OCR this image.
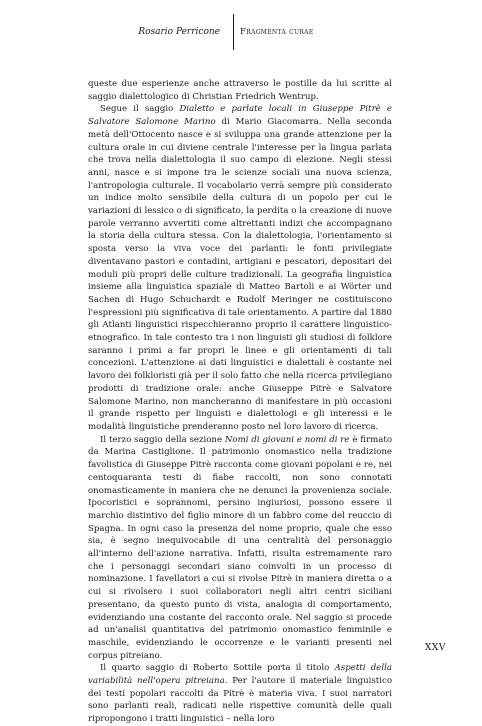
Rosario Perricone Fragmenta curae

queste due esperienze anche attraverso le postille da lui scritte al saggio dialettologico di Christian Friedrich Wentrup.

Segue il saggio Dialetto e parlate locali in Giuseppe Pitrè e Salvatore Salomone Marino di Mario Giacomarra. Nella seconda metà dell'Ottocento nasce e si sviluppa una grande attenzione per la cultura orale in cui diviene centrale l'interesse per la lingua parlata che trova nella dialettologia il suo campo di elezione. Negli stessi anni, nasce e si impone tra le scienze sociali una nuova scienza, l'antropologia culturale. Il vocabolario verrà sempre più considerato un indice molto sensibile della cultura di un popolo per cui le variazioni di lessico o di significato, la perdita o la creazione di nuove parole verranno avvertiti come altrettanti indizi che accompagnano la storia della cultura stessa. Con la dialettologia, l'orientamento si sposta verso la viva voce dei parlanti: le fonti privilegiate diventavano pastori e contadini, artigiani e pescatori, depositari dei moduli più propri delle culture tradizionali. La geografia linguistica insieme alla linguistica spaziale di Matteo Bartoli e ai Wörter und Sachen di Hugo Schuchardt e Rudolf Meringer ne costituiscono l'espressioni più significativa di tale orientamento. A partire dal 1880 gli Atlanti linguistici rispecchieranno proprio il carattere linguistico-etnografico. In tale contesto tra i non linguisti gli studiosi di folklore saranno i primi a far propri le linee e gli orientamenti di tali concezioni. L'attenzione ai dati linguistici e dialettali è costante nel lavoro dei folkloristi già per il solo fatto che nella ricerca privilegiano prodotti di tradizione orale: anche Giuseppe Pitrè e Salvatore Salomone Marino, non mancheranno di manifestare in più occasioni il grande rispetto per linguisti e dialettologi e gli interessi e le modalità linguistiche prenderanno posto nel loro lavoro di ricerca.

Il terzo saggio della sezione Nomi di giovani e nomi di re è firmato da Marina Castiglione. Il patrimonio onomastico nella tradizione favolistica di Giuseppe Pitrè racconta come giovani popolani e re, nei centoquaranta testi di fiabe raccolti, non sono connotati onomasticamente in maniera che ne denunci la provenienza sociale. Ipocoristici e soprannomi, persino ingiuriosi, possono essere il marchio distintivo del figlio minore di un fabbro come del reuccio di Spagna. In ogni caso la presenza del nome proprio, quale che esso sia, è segno inequivocabile di una centralità del personaggio all'interno dell'azione narrativa. Infatti, risulta estremamente raro che i personaggi secondari siano coinvolti in un processo di nominazione. I favellatori a cui si rivolse Pitrè in maniera diretta o a cui si rivolsero i suoi collaboratori negli altri centri siciliani presentano, da questo punto di vista, analogia di comportamento, evidenziando una costante del racconto orale. Nel saggio si procede ad un'analisi quantitativa del patrimonio onomastico femminile e maschile, evidenziando le occorrenze e le varianti presenti nel corpus pitreiano.

Il quarto saggio di Roberto Sottile porta il titolo Aspetti della variabilità nell'opera pitreiana. Per l'autore il materiale linguistico dei testi popolari raccolti da Pitrè è materia viva. I suoi narratori sono parlanti reali, radicati nelle rispettive comunità delle quali ripropongono i tratti linguistici – nella loro

XXV
